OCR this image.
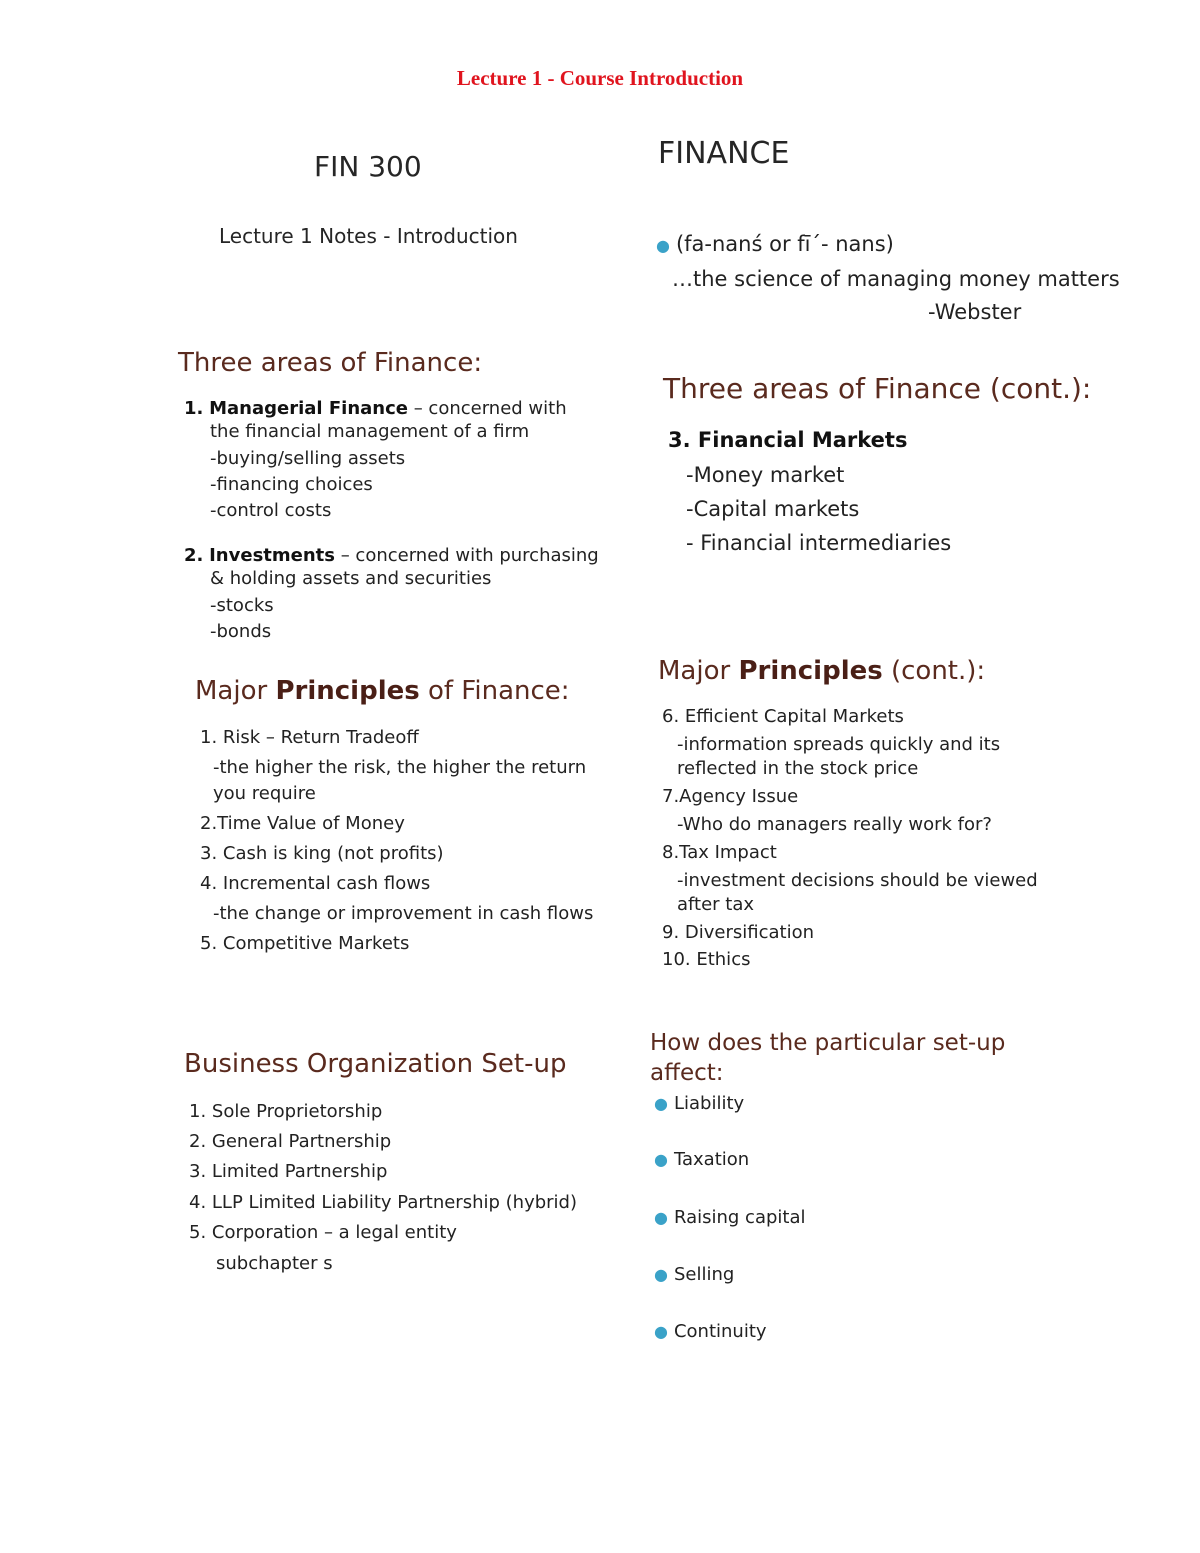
Lecture 1 - Course Introduction
FIN 300
Lecture 1 Notes - Introduction
FINANCE
● (fa-nanś or fī´- nans)
…the science of managing money matters
-Webster
Three areas of Finance:
1. Managerial Finance – concerned with
the financial management of a firm
-buying/selling assets
-financing choices
-control costs
2. Investments – concerned with purchasing
& holding assets and securities
-stocks
-bonds
Three areas of Finance (cont.):
3. Financial Markets
-Money market
-Capital markets
- Financial intermediaries
Major Principles of Finance:
1. Risk – Return Tradeoff
-the higher the risk, the higher the return
you require
2.Time Value of Money
3. Cash is king (not profits)
4. Incremental cash flows
-the change or improvement in cash flows
5. Competitive Markets
Major Principles (cont.):
6. Efficient Capital Markets
-information spreads quickly and its
reflected in the stock price
7.Agency Issue
-Who do managers really work for?
8.Tax Impact
-investment decisions should be viewed
after tax
9. Diversification
10. Ethics
Business Organization Set-up
1. Sole Proprietorship
2. General Partnership
3. Limited Partnership
4. LLP Limited Liability Partnership (hybrid)
5. Corporation – a legal entity
subchapter s
How does the particular set-up
affect:
● Liability
● Taxation
● Raising capital
● Selling
● Continuity
